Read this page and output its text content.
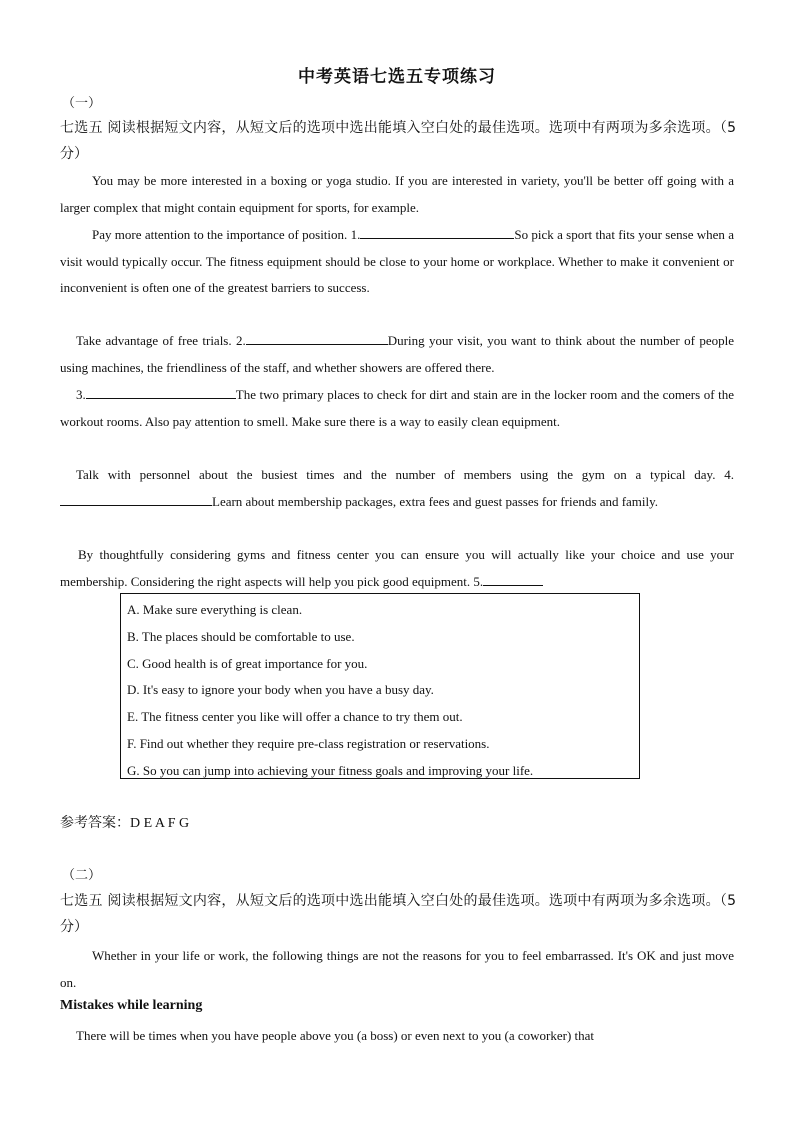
中考英语七选五专项练习
（一）
七选五 阅读根据短文内容，从短文后的选项中选出能填入空白处的最佳选项。选项中有两项为多余选项。（5分）
You may be more interested in a boxing or yoga studio. If you are interested in variety, you'll be better off going with a larger complex that might contain equipment for sports, for example.
Pay more attention to the importance of position. 1.	So pick a sport that fits your sense when a visit would typically occur. The fitness equipment should be close to your home or workplace. Whether to make it convenient or inconvenient is often one of the greatest barriers to success.
Take advantage of free trials. 2.	During your visit, you want to think about the number of people using machines, the friendliness of the staff, and whether showers are offered there.
3.	The two primary places to check for dirt and stain are in the locker room and the comers of the workout rooms. Also pay attention to smell. Make sure there is a way to easily clean equipment.
Talk with personnel about the busiest times and the number of members using the gym on a typical day. 4.Learn about membership packages, extra fees and guest passes for friends and family.
By thoughtfully considering gyms and fitness center you can ensure you will actually like your choice and use your membership. Considering the right aspects will help you pick good equipment. 5.
A. Make sure everything is clean.
B. The places should be comfortable to use.
C. Good health is of great importance for you.
D. It's easy to ignore your body when you have a busy day.
E. The fitness center you like will offer a chance to try them out.
F. Find out whether they require pre-class registration or reservations.
G. So you can jump into achieving your fitness goals and improving your life.
参考答案：D E A F G
（二）
七选五 阅读根据短文内容，从短文后的选项中选出能填入空白处的最佳选项。选项中有两项为多余选项。（5分）
Whether in your life or work, the following things are not the reasons for you to feel embarrassed. It's OK and just move on.
Mistakes while learning
There will be times when you have people above you (a boss) or even next to you (a coworker) that
